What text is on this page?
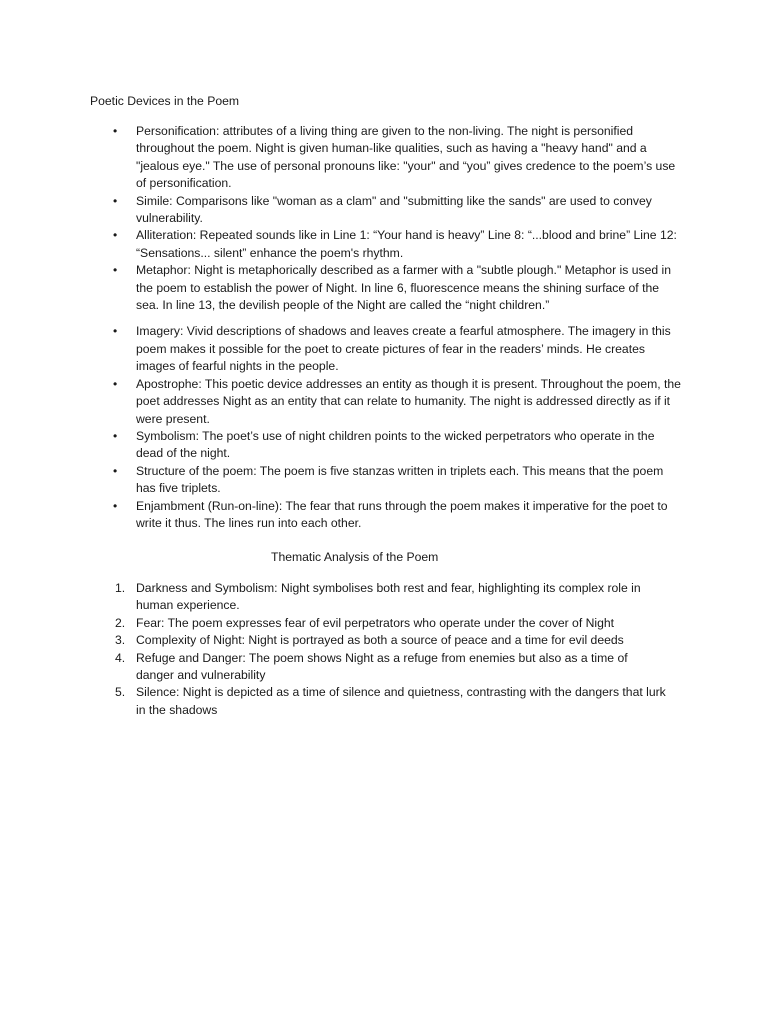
Poetic Devices in the Poem
• Personification: attributes of a living thing are given to the non-living. The night is personified throughout the poem. Night is given human-like qualities, such as having a "heavy hand" and a "jealous eye." The use of personal pronouns like: "your" and “you” gives credence to the poem’s use of personification.
• Simile: Comparisons like "woman as a clam" and "submitting like the sands" are used to convey vulnerability.
• Alliteration: Repeated sounds like in Line 1: “Your hand is heavy” Line 8: “...blood and brine” Line 12: “Sensations... silent” enhance the poem's rhythm.
• Metaphor: Night is metaphorically described as a farmer with a "subtle plough." Metaphor is used in the poem to establish the power of Night. In line 6, fluorescence means the shining surface of the sea. In line 13, the devilish people of the Night are called the “night children.”
• Imagery: Vivid descriptions of shadows and leaves create a fearful atmosphere. The imagery in this poem makes it possible for the poet to create pictures of fear in the readers’ minds. He creates images of fearful nights in the people.
• Apostrophe: This poetic device addresses an entity as though it is present. Throughout the poem, the poet addresses Night as an entity that can relate to humanity. The night is addressed directly as if it were present.
• Symbolism: The poet’s use of night children points to the wicked perpetrators who operate in the dead of the night.
• Structure of the poem: The poem is five stanzas written in triplets each. This means that the poem has five triplets.
• Enjambment (Run-on-line): The fear that runs through the poem makes it imperative for the poet to write it thus. The lines run into each other.
Thematic Analysis of the Poem
1. Darkness and Symbolism: Night symbolises both rest and fear, highlighting its complex role in human experience.
2. Fear: The poem expresses fear of evil perpetrators who operate under the cover of Night
3. Complexity of Night: Night is portrayed as both a source of peace and a time for evil deeds
4. Refuge and Danger: The poem shows Night as a refuge from enemies but also as a time of danger and vulnerability
5. Silence: Night is depicted as a time of silence and quietness, contrasting with the dangers that lurk in the shadows
